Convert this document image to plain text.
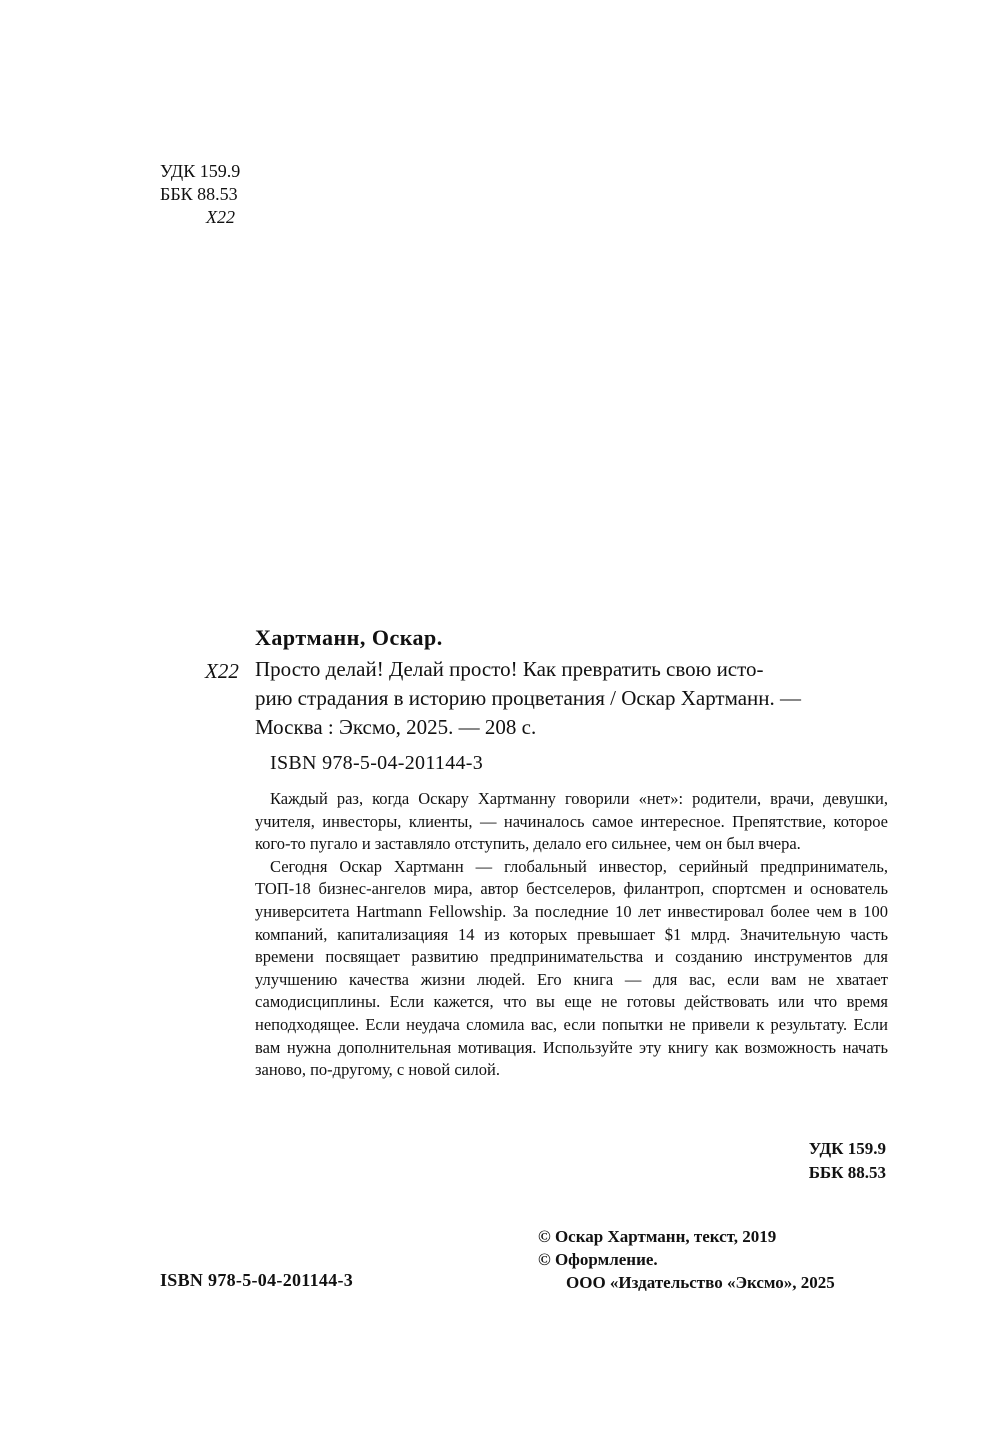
УДК 159.9
ББК 88.53
Х22
Хартманн, Оскар.
Х22 Просто делай! Делай просто! Как превратить свою исто-
рию страдания в историю процветания / Оскар Хартманн. —
Москва : Эксмо, 2025. — 208 с.
ISBN 978-5-04-201144-3

Каждый раз, когда Оскару Хартманну говорили «нет»: родители, врачи, девушки, учителя, инвесторы, клиенты, — начиналось самое интересное. Препятствие, которое кого-то пугало и заставляло отступить, делало его сильнее, чем он был вчера.

Сегодня Оскар Хартманн — глобальный инвестор, серийный предприниматель, ТОП-18 бизнес-ангелов мира, автор бестселеров, филантроп, спортсмен и основатель университета Hartmann Fellowship. За последние 10 лет инвестировал более чем в 100 компаний, капитализацияя 14 из которых превышает $1 млрд. Значительную часть времени посвящает развитию предпринимательства и созданию инструментов для улучшению качества жизни людей. Его книга — для вас, если вам не хватает самодисциплины. Если кажется, что вы еще не готовы действовать или что время неподходящее. Если неудача сломила вас, если попытки не привели к результату. Если вам нужна дополнительная мотивация. Используйте эту книгу как возможность начать заново, по-другому, с новой силой.

УДК 159.9
ББК 88.53
ISBN 978-5-04-201144-3
© Оскар Хартманн, текст, 2019
© Оформление.
ООО «Издательство «Эксмо», 2025
